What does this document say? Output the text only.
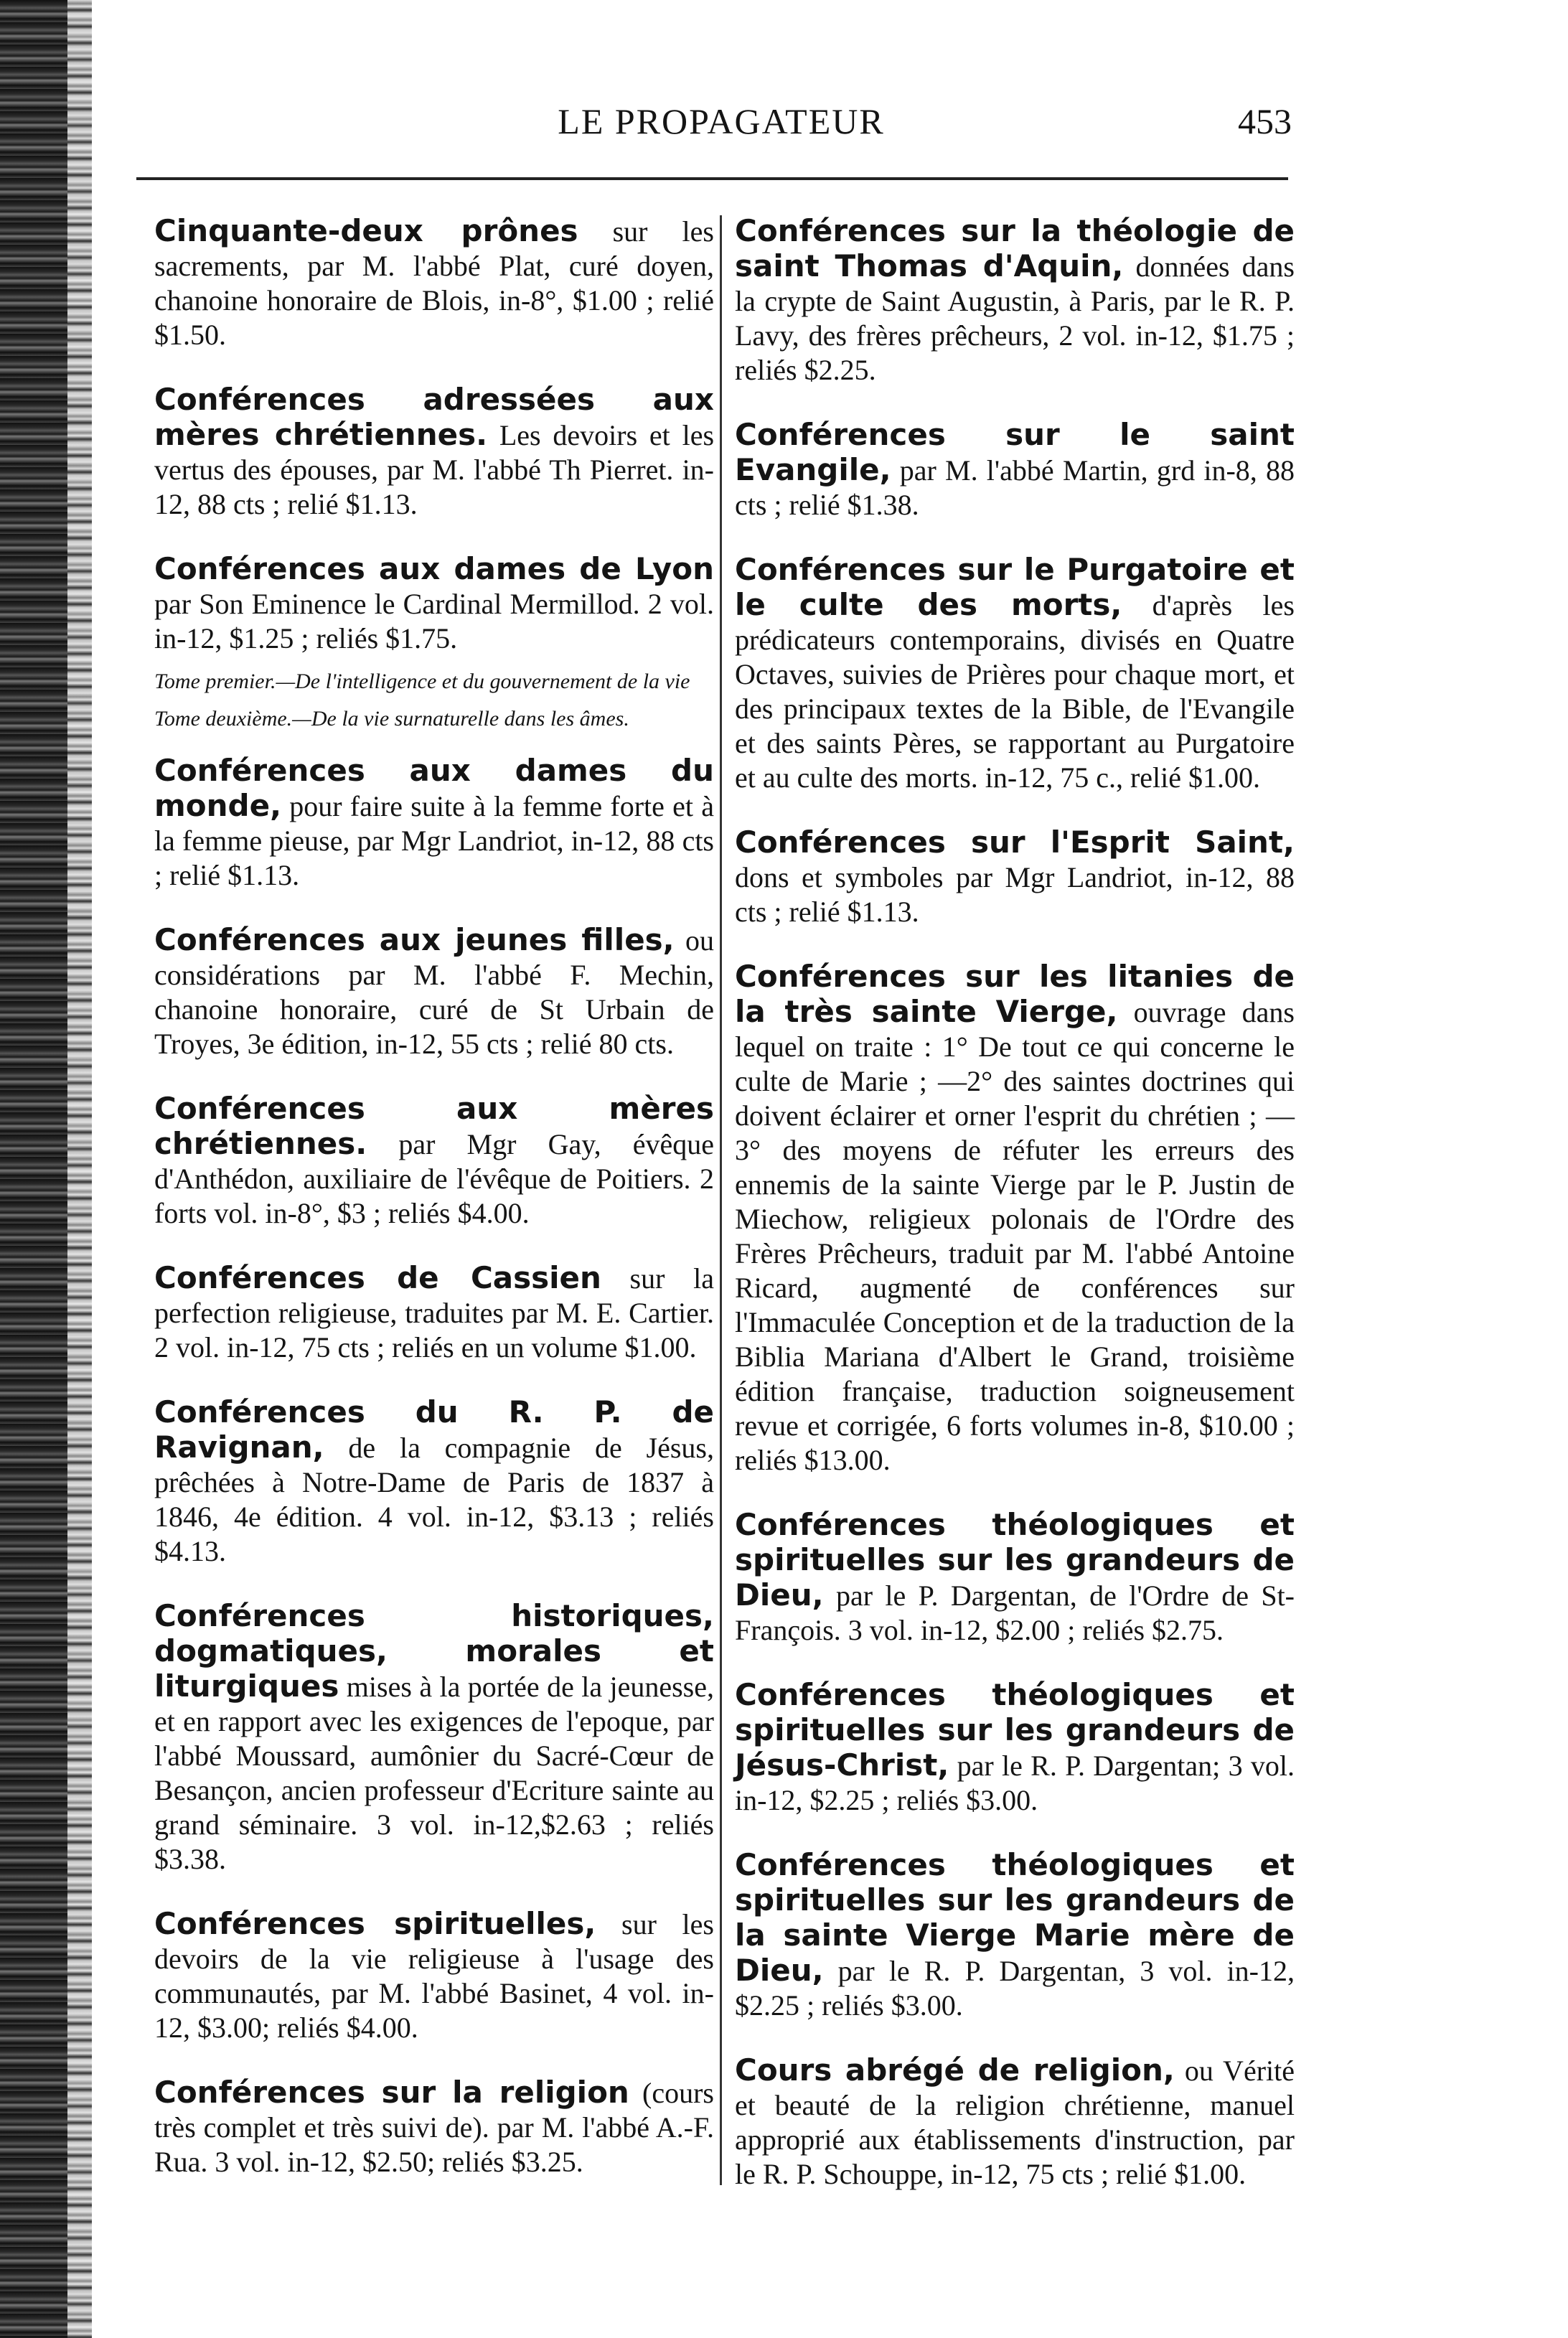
LE PROPAGATEUR	453

Cinquante-deux prônes sur les sacrements, par M. l'abbé Plat, curé doyen, chanoine honoraire de Blois, in-8°, $1.00 ; relié $1.50.

Conférences adressées aux mères chrétiennes. Les devoirs et les vertus des épouses, par M. l'abbé Th Pierret. in-12, 88 cts ; relié $1.13.

Conférences aux dames de Lyon par Son Eminence le Cardinal Mermillod. 2 vol. in-12, $1.25 ; reliés $1.75.

Tome premier.—De l'intelligence et du gouvernement de la vie

Tome deuxième.—De la vie surnaturelle dans les âmes.

Conférences aux dames du monde, pour faire suite à la femme forte et à la femme pieuse, par Mgr Landriot, in-12, 88 cts ; relié $1.13.

Conférences aux jeunes filles, ou considérations par M. l'abbé F. Mechin, chanoine honoraire, curé de St Urbain de Troyes, 3e édition, in-12, 55 cts ; relié 80 cts.

Conférences aux mères chrétiennes. par Mgr Gay, évêque d'Anthédon, auxiliaire de l'évêque de Poitiers. 2 forts vol. in-8°, $3 ; reliés $4.00.

Conférences de Cassien sur la perfection religieuse, traduites par M. E. Cartier. 2 vol. in-12, 75 cts ; reliés en un volume $1.00.

Conférences du R. P. de Ravignan, de la compagnie de Jésus, prêchées à Notre-Dame de Paris de 1837 à 1846, 4e édition. 4 vol. in-12, $3.13 ; reliés $4.13.

Conférences historiques, dogmatiques, morales et liturgiques mises à la portée de la jeunesse, et en rapport avec les exigences de l'epoque, par l'abbé Moussard, aumônier du Sacré-Cœur de Besançon, ancien professeur d'Ecriture sainte au grand séminaire. 3 vol. in-12,$2.63 ; reliés $3.38.

Conférences spirituelles, sur les devoirs de la vie religieuse à l'usage des communautés, par M. l'abbé Basinet, 4 vol. in-12, $3.00; reliés $4.00.

Conférences sur la religion (cours très complet et très suivi de). par M. l'abbé A.-F. Rua. 3 vol. in-12, $2.50; reliés $3.25.

Conférences sur la théologie de saint Thomas d'Aquin, données dans la crypte de Saint Augustin, à Paris, par le R. P. Lavy, des frères prêcheurs, 2 vol. in-12, $1.75 ; reliés $2.25.

Conférences sur le saint Evangile, par M. l'abbé Martin, grd in-8, 88 cts ; relié $1.38.

Conférences sur le Purgatoire et le culte des morts, d'après les prédicateurs contemporains, divisés en Quatre Octaves, suivies de Prières pour chaque mort, et des principaux textes de la Bible, de l'Evangile et des saints Pères, se rapportant au Purgatoire et au culte des morts. in-12, 75 c., relié $1.00.

Conférences sur l'Esprit Saint, dons et symboles par Mgr Landriot, in-12, 88 cts ; relié $1.13.

Conférences sur les litanies de la très sainte Vierge, ouvrage dans lequel on traite : 1° De tout ce qui concerne le culte de Marie ; —2° des saintes doctrines qui doivent éclairer et orner l'esprit du chrétien ; —3° des moyens de réfuter les erreurs des ennemis de la sainte Vierge par le P. Justin de Miechow, religieux polonais de l'Ordre des Frères Prêcheurs, traduit par M. l'abbé Antoine Ricard, augmenté de conférences sur l'Immaculée Conception et de la traduction de la Biblia Mariana d'Albert le Grand, troisième édition française, traduction soigneusement revue et corrigée, 6 forts volumes in-8, $10.00 ; reliés $13.00.

Conférences théologiques et spirituelles sur les grandeurs de Dieu, par le P. Dargentan, de l'Ordre de St-François. 3 vol. in-12, $2.00 ; reliés $2.75.

Conférences théologiques et spirituelles sur les grandeurs de Jésus-Christ, par le R. P. Dargentan; 3 vol. in-12, $2.25 ; reliés $3.00.

Conférences théologiques et spirituelles sur les grandeurs de la sainte Vierge Marie mère de Dieu, par le R. P. Dargentan, 3 vol. in-12, $2.25 ; reliés $3.00.

Cours abrégé de religion, ou Vérité et beauté de la religion chrétienne, manuel approprié aux établissements d'instruction, par le R. P. Schouppe, in-12, 75 cts ; relié $1.00.
